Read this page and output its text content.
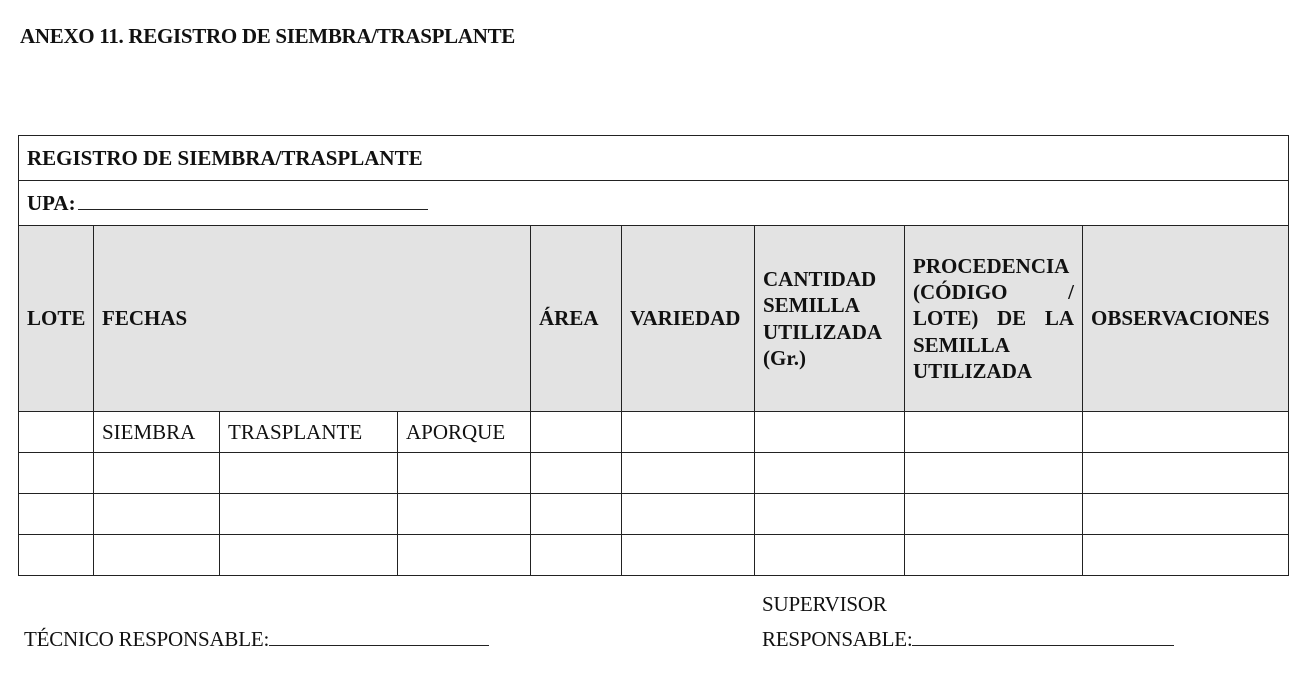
ANEXO 11. REGISTRO DE SIEMBRA/TRASPLANTE
REGISTRO DE SIEMBRA/TRASPLANTE								
UPA:								
LOTE	FECHAS			ÁREA	VARIEDAD	CANTIDAD SEMILLA UTILIZADA (Gr.)	PROCEDENCIA (CÓDIGO / LOTE) DE LA SEMILLA UTILIZADA	OBSERVACIONES
	SIEMBRA	TRASPLANTE	APORQUE					

TÉCNICO RESPONSABLE:
SUPERVISOR
RESPONSABLE:
